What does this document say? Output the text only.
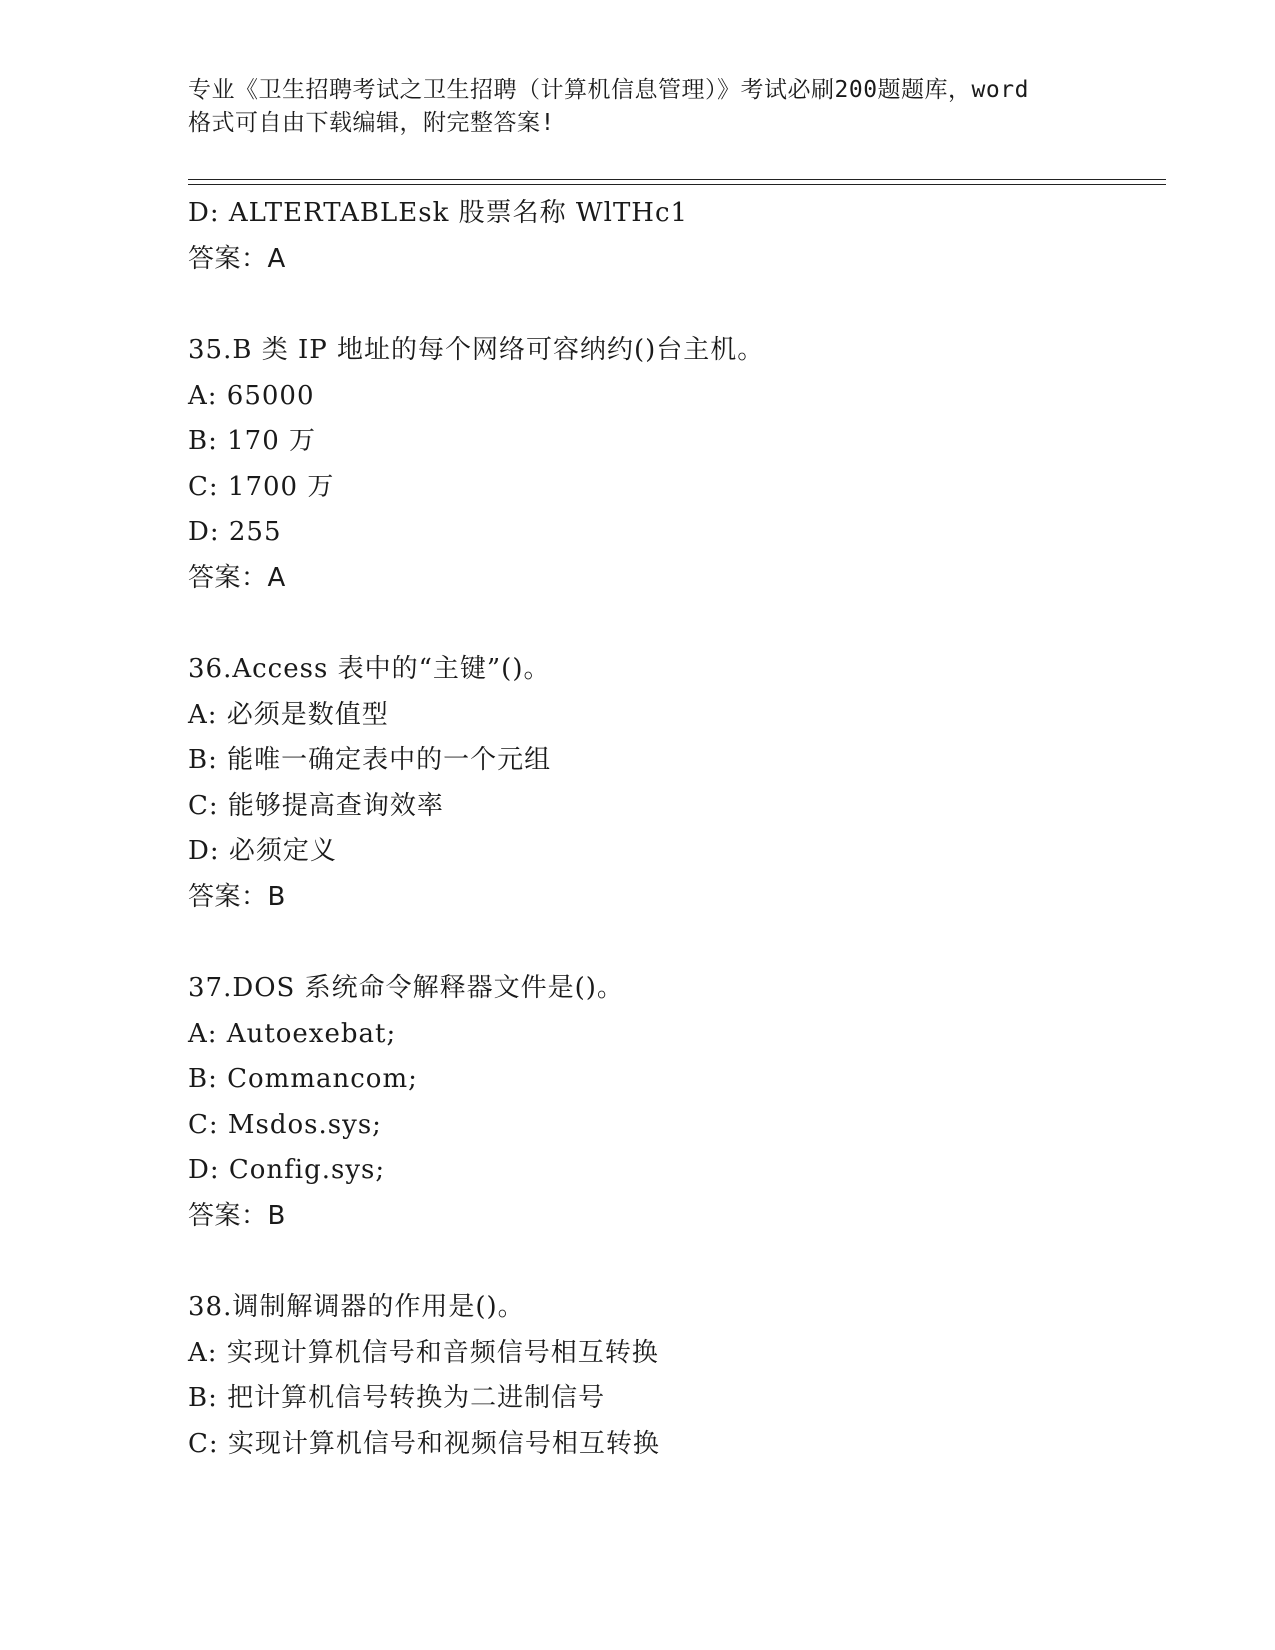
专业《卫生招聘考试之卫生招聘（计算机信息管理）》考试必刷200题题库，word
格式可自由下载编辑，附完整答案!
D: ALTERTABLEsk 股票名称 WlTHc1
答案：A
35.B 类 IP 地址的每个网络可容纳约()台主机。
A: 65000
B: 170 万
C: 1700 万
D: 255
答案：A
36.Access 表中的“主键”()。
A: 必须是数值型
B: 能唯一确定表中的一个元组
C: 能够提高查询效率
D: 必须定义
答案：B
37.DOS 系统命令解释器文件是()。
A: Autoexebat;
B: Commancom;
C: Msdos.sys;
D: Config.sys;
答案：B
38.调制解调器的作用是()。
A: 实现计算机信号和音频信号相互转换
B: 把计算机信号转换为二进制信号
C: 实现计算机信号和视频信号相互转换
